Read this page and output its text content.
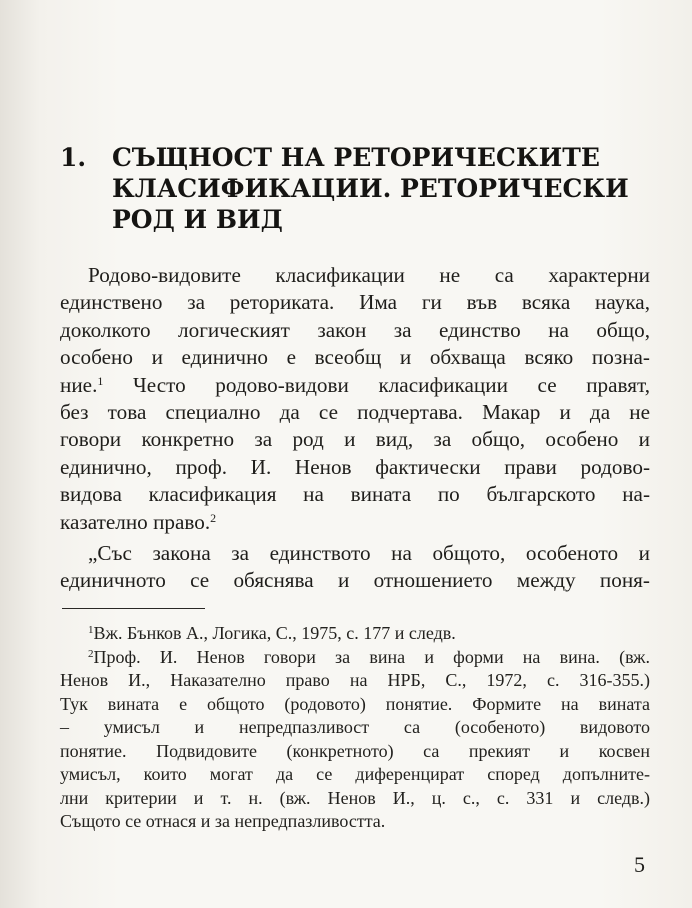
1.	СЪЩНОСТ НА РЕТОРИЧЕСКИТЕ
КЛАСИФИКАЦИИ. РЕТОРИЧЕСКИ
РОД И ВИД
Родово-видовите класификации не са характерни
единствено за реториката. Има ги във всяка наука,
доколкото логическият закон за единство на общо,
особено и единично е всеобщ и обхваща всяко позна-
ние.$^1$ Често родово-видови класификации се правят,
без това специално да се подчертава. Макар и да не
говори конкретно за род и вид, за общо, особено и
единично, проф. И. Ненов фактически прави родово-
видова класификация на вината по българското на-
казателно право.$^2$
„Със закона за единството на общото, особеното и
единичното се обяснява и отношението между поня-
$^1$Вж. Бънков А., Логика, С., 1975, с. 177 и следв.
$^2$Проф. И. Ненов говори за вина и форми на вина. (вж.
Ненов И., Наказателно право на НРБ, С., 1972, с. 316-355.)
Тук вината е общото (родовото) понятие. Формите на вината
– умисъл и непредпазливост са (особеното) видовото
понятие. Подвидовите (конкретното) са прекият и косвен
умисъл, които могат да се диференцират според допълните-
лни критерии и т. н. (вж. Ненов И., ц. с., с. 331 и следв.)
Същото се отнася и за непредпазливостта.
5
